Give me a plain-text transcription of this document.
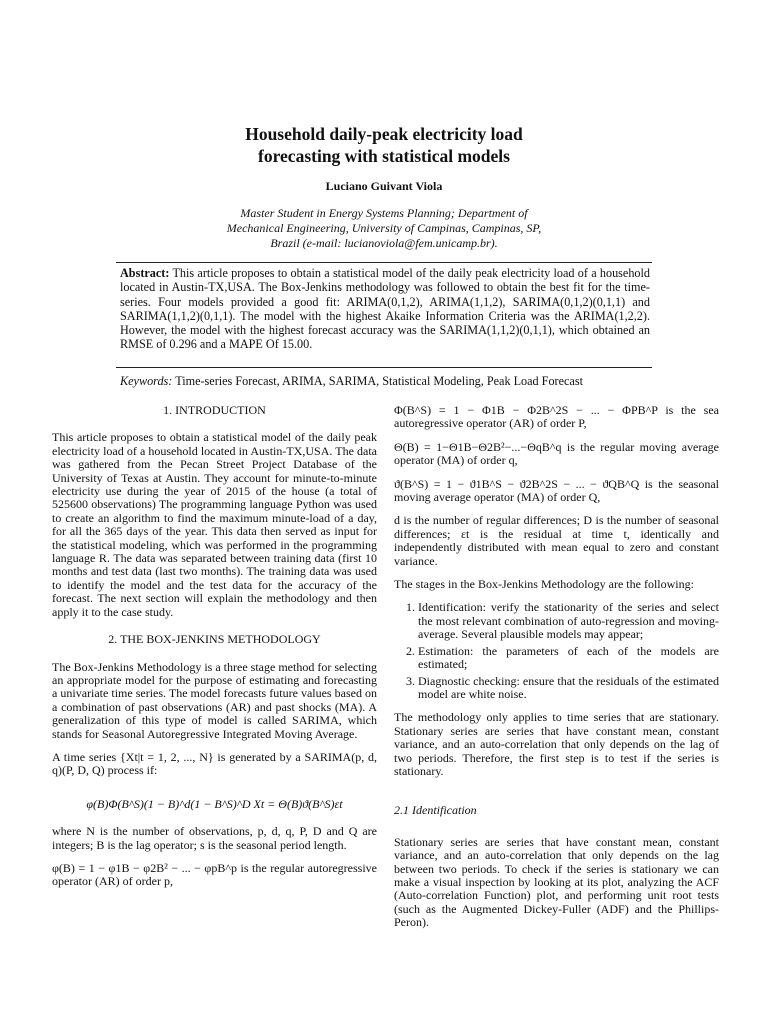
Household daily-peak electricity load
forecasting with statistical models
Luciano Guivant Viola
Master Student in Energy Systems Planning; Department of
Mechanical Engineering, University of Campinas, Campinas, SP,
Brazil (e-mail: lucianoviola@fem.unicamp.br).
Abstract: This article proposes to obtain a statistical model of the daily peak electricity load of a household located in Austin-TX,USA. The Box-Jenkins methodology was followed to obtain the best fit for the time-series. Four models provided a good fit: ARIMA(0,1,2), ARIMA(1,1,2), SARIMA(0,1,2)(0,1,1) and SARIMA(1,1,2)(0,1,1). The model with the highest Akaike Information Criteria was the ARIMA(1,2,2). However, the model with the highest forecast accuracy was the SARIMA(1,1,2)(0,1,1), which obtained an RMSE of 0.296 and a MAPE Of 15.00.
Keywords: Time-series Forecast, ARIMA, SARIMA, Statistical Modeling, Peak Load Forecast
1. INTRODUCTION

This article proposes to obtain a statistical model of the daily peak electricity load of a household located in Austin-TX,USA. The data was gathered from the Pecan Street Project Database of the University of Texas at Austin. They account for minute-to-minute electricity use during the year of 2015 of the house (a total of 525600 observations) The programming language Python was used to create an algorithm to find the maximum minute-load of a day, for all the 365 days of the year. This data then served as input for the statistical modeling, which was performed in the programming language R. The data was separated between training data (first 10 months and test data (last two months). The training data was used to identify the model and the test data for the accuracy of the forecast. The next section will explain the methodology and then apply it to the case study.

2. THE BOX-JENKINS METHODOLOGY

The Box-Jenkins Methodology is a three stage method for selecting an appropriate model for the purpose of estimating and forecasting a univariate time series. The model forecasts future values based on a combination of past observations (AR) and past shocks (MA). A generalization of this type of model is called SARIMA, which stands for Seasonal Autoregressive Integrated Moving Average.

A time series {Xt|t = 1, 2, ..., N} is generated by a SARIMA(p, d, q)(P, D, Q) process if:

φ(B)Φ(B^S)(1 − B)^d(1 − B^S)^D Xt = Θ(B)ϑ(B^S)εt

where N is the number of observations, p, d, q, P, D and Q are integers; B is the lag operator; s is the seasonal period length.

φ(B) = 1 − φ1B − φ2B² − ... − φpB^p is the regular autoregressive operator (AR) of order p,

Φ(B^S) = 1 − Φ1B − Φ2B^2S − ... − ΦPB^P is the sea autoregressive operator (AR) of order P,

Θ(B) = 1−Θ1B−Θ2B²−...−ΘqB^q is the regular moving average operator (MA) of order q,

ϑ(B^S) = 1 − ϑ1B^S − ϑ2B^2S − ... − ϑQB^Q is the seasonal moving average operator (MA) of order Q,

d is the number of regular differences; D is the number of seasonal differences; εt is the residual at time t, identically and independently distributed with mean equal to zero and constant variance.

The stages in the Box-Jenkins Methodology are the following:

1. Identification: verify the stationarity of the series and select the most relevant combination of auto-regression and moving-average. Several plausible models may appear;
2. Estimation: the parameters of each of the models are estimated;
3. Diagnostic checking: ensure that the residuals of the estimated model are white noise.

The methodology only applies to time series that are stationary. Stationary series are series that have constant mean, constant variance, and an auto-correlation that only depends on the lag of two periods. Therefore, the first step is to test if the series is stationary.

2.1 Identification

Stationary series are series that have constant mean, constant variance, and an auto-correlation that only depends on the lag between two periods. To check if the series is stationary we can make a visual inspection by looking at its plot, analyzing the ACF (Auto-correlation Function) plot, and performing unit root tests (such as the Augmented Dickey-Fuller (ADF) and the Phillips-Peron).
